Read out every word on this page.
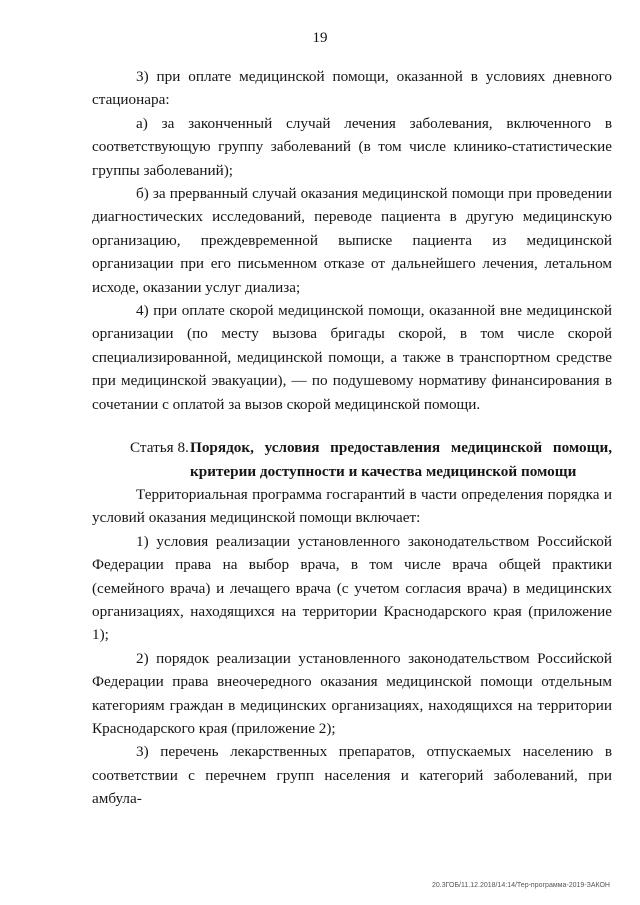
19

3) при оплате медицинской помощи, оказанной в условиях дневного стационара:

а) за законченный случай лечения заболевания, включенного в соответствующую группу заболеваний (в том числе клинико-статистические группы заболеваний);

б) за прерванный случай оказания медицинской помощи при проведении диагностических исследований, переводе пациента в другую медицинскую организацию, преждевременной выписке пациента из медицинской организации при его письменном отказе от дальнейшего лечения, летальном исходе, оказании услуг диализа;

4) при оплате скорой медицинской помощи, оказанной вне медицинской организации (по месту вызова бригады скорой, в том числе скорой специализированной, медицинской помощи, а также в транспортном средстве при медицинской эвакуации), — по подушевому нормативу финансирования в сочетании с оплатой за вызов скорой медицинской помощи.

Статья 8. Порядок, условия предоставления медицинской помощи,
критерии доступности и качества медицинской помощи

Территориальная программа госгарантий в части определения порядка и условий оказания медицинской помощи включает:

1) условия реализации установленного законодательством Российской Федерации права на выбор врача, в том числе врача общей практики (семейного врача) и лечащего врача (с учетом согласия врача) в медицинских организациях, находящихся на территории Краснодарского края (приложение 1);

2) порядок реализации установленного законодательством Российской Федерации права внеочередного оказания медицинской помощи отдельным категориям граждан в медицинских организациях, находящихся на территории Краснодарского края (приложение 2);

3) перечень лекарственных препаратов, отпускаемых населению в соответствии с перечнем групп населения и категорий заболеваний, при амбула-

20.3ГОБ/11.12.2018/14:14/Тер-программа-2019-ЗАКОН
